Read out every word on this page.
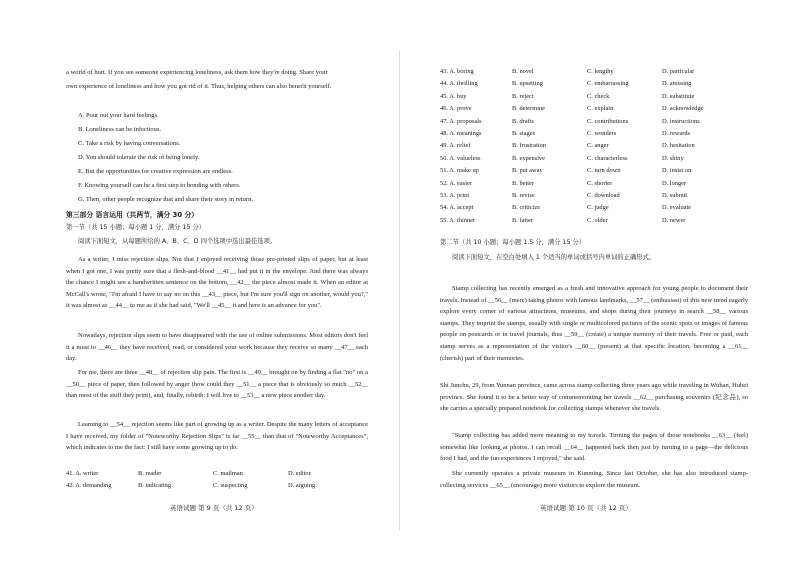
a world of hurt. If you see someone experiencing loneliness, ask them how they're doing. Share your

own experience of loneliness and how you got rid of it. Thus, helping others can also benefit yourself.

A. Pour out your hard feelings.

B. Loneliness can be infectious.

C. Take a risk by having conversations.

D. You should tolerate the risk of being lonely.

E. But the opportunities for creative expression are endless.

F. Knowing yourself can be a first step to bonding with others.

G. Then, other people recognize that and share their story in return.

第三部分 语言运用（共两节，满分 30 分）

第一节（共 15 小题；每小题 1 分，满分 15 分）

阅读下面短文，从每题所给的 A、B、C、D 四个选项中选出最佳选项。

As a writer, I miss rejection slips. Not that I enjoyed receiving those pre-printed slips of paper, but at least when I got one, I was pretty sure that a flesh-and-blood __41__ had put it in the envelope. And there was always the chance I might see a handwritten sentence on the bottom, __42__ the piece almost made it. When an editor at McCall's wrote, "I'm afraid I have to say no on this __43__ piece, but I'm sure you'll sign on another, would you?," it was almost as __44__ to me as if she had said, "We'll __45__ it and here is an advance for you".

Nowadays, rejection slips seem to have disappeared with the use of online submissions. Most editors don't feel it a must to __46__ they have received, read, or considered your work because they receive so many __47__ each day.

For me, there are three __48__ of rejection slip pain. The first is __49__ brought on by finding a flat "no" on a __50__ piece of paper, then followed by anger (how could they __51__ a piece that is obviously so much __52__ than most of the stuff they print), and, finally, rebirth: I will live to __53__ a new piece another day.

Learning to __54__ rejection seems like part of growing up as a writer. Despite the many letters of acceptance I have received, my folder of "Noteworthy Rejection Slips" is far __55__ than that of "Noteworthy Acceptances", which indicates to me the fact: I still have some growing up to do.

41. A. writer	B. reader	C. mailman	D. editor
42. A. demanding	B. indicating	C. suspecting	D. arguing

英语试题 第 9 页（共 12 页）

43. A. boring	B. novel	C. lengthy	D. particular
44. A. thrilling	B. upsetting	C. embarrassing	D. amusing
45. A. buy	B. reject	C. check	D. substitute
46. A. prove	B. determine	C. explain	D. acknowledge
47. A. proposals	B. drafts	C. contributions	D. instructions
48. A. meanings	B. stages	C. wonders	D. rewards
49. A. relief	B. frustration	C. anger	D. hesitation
50. A. valueless	B. expensive	C. characterless	D. shiny
51. A. make up	B. put away	C. turn down	D. insist on
52. A. easier	B. better	C. shorter	D. longer
53. A. print	B. revise	C. download	D. submit
54. A. accept	B. criticize	C. judge	D. evaluate
55. A. thinner	B. fatter	C. older	D. newer

第二节（共 10 小题；每小题 1.5 分，满分 15 分）

阅读下面短文，在空白处填入 1 个适当的单词或括号内单词的正确形式。

Stamp collecting has recently emerged as a fresh and innovative approach for young people to document their travels. Instead of __56__ (mere) taking photos with famous landmarks, __57__ (enthusiast) of this new trend eagerly explore every corner of various attractions, museums, and shops during their journeys in search __58__ various stamps. They imprint the stamps, usually with single or multicolored pictures of the scenic spots or images of famous people on postcards or in travel journals, thus __59__ (create) a unique memory of their travels. Free or paid, each stamp serves as a representation of the visitor's __60__ (present) at that specific location, becoming a __61__ (cherish) part of their memories.

Shi Junchu, 29, from Yunnan province, came across stamp collecting three years ago while traveling in Wuhan, Hubei province. She found it to be a better way of commemorating her travels __62__ purchasing souvenirs (纪念品), so she carries a specially prepared notebook for collecting stamps whenever she travels.

"Stamp collecting has added more meaning to my travels. Turning the pages of those notebooks __63__ (feel) somewhat like looking at photos. I can recall __64__ happened back then just by turning to a page—the delicious food I had, and the fun experiences I enjoyed," she said.

She currently operates a private museum in Kunming. Since last October, she has also introduced stamp-collecting services __65__ (encourage) more visitors to explore the museum.

英语试题 第 10 页（共 12 页）
